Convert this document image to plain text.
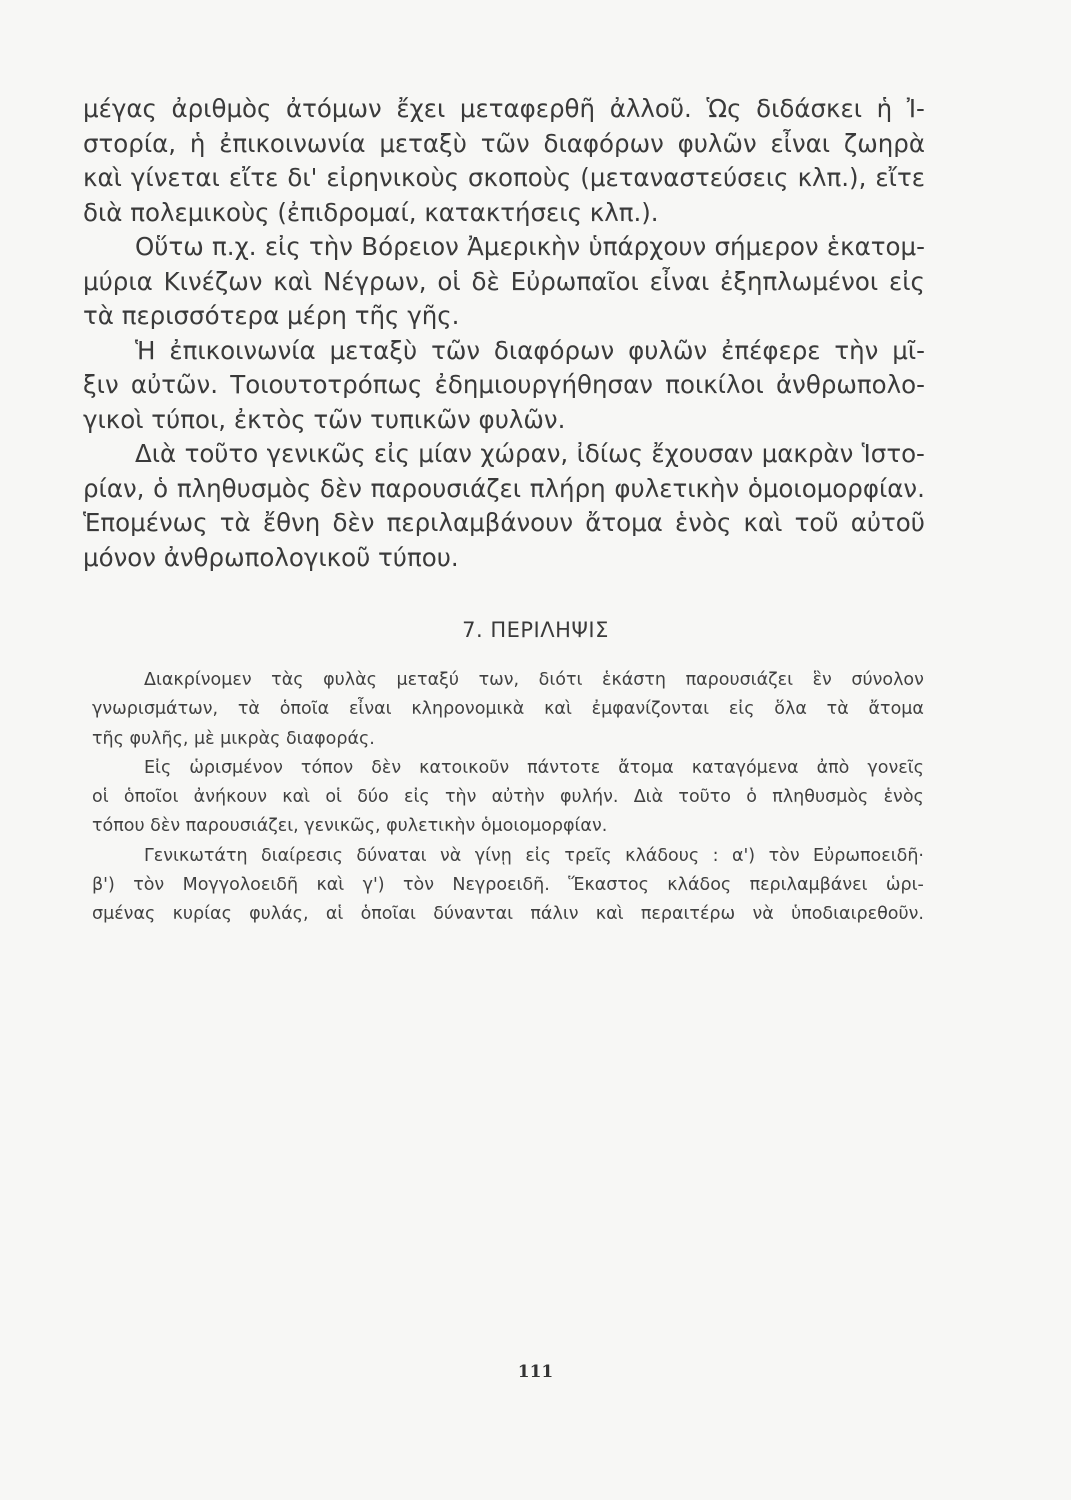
μέγας ἀριθμὸς ἀτόμων ἔχει μεταφερθῆ ἀλλοῦ. Ὡς διδάσκει ἡ Ἰ-
στορία, ἡ ἐπικοινωνία μεταξὺ τῶν διαφόρων φυλῶν εἶναι ζωηρὰ
καὶ γίνεται εἴτε δι' εἰρηνικοὺς σκοποὺς (μεταναστεύσεις κλπ.), εἴτε
διὰ πολεμικοὺς (ἐπιδρομαί, κατακτήσεις κλπ.).
Οὕτω π.χ. εἰς τὴν Βόρειον Ἀμερικὴν ὑπάρχουν σήμερον ἑκατομ-
μύρια Κινέζων καὶ Νέγρων, οἱ δὲ Εὐρωπαῖοι εἶναι ἐξηπλωμένοι εἰς
τὰ περισσότερα μέρη τῆς γῆς.
Ἡ ἐπικοινωνία μεταξὺ τῶν διαφόρων φυλῶν ἐπέφερε τὴν μῖ-
ξιν αὐτῶν. Τοιουτοτρόπως ἐδημιουργήθησαν ποικίλοι ἀνθρωπολο-
γικοὶ τύποι, ἐκτὸς τῶν τυπικῶν φυλῶν.
Διὰ τοῦτο γενικῶς εἰς μίαν χώραν, ἰδίως ἔχουσαν μακρὰν Ἱστο-
ρίαν, ὁ πληθυσμὸς δὲν παρουσιάζει πλήρη φυλετικὴν ὁμοιομορφίαν.
Ἑπομένως τὰ ἔθνη δὲν περιλαμβάνουν ἄτομα ἑνὸς καὶ τοῦ αὐτοῦ
μόνον ἀνθρωπολογικοῦ τύπου.
7. ΠΕΡΙΛΗΨΙΣ
Διακρίνομεν τὰς φυλὰς μεταξύ των, διότι ἑκάστη παρουσιάζει ἓν σύνολον
γνωρισμάτων, τὰ ὁποῖα εἶναι κληρονομικὰ καὶ ἐμφανίζονται εἰς ὅλα τὰ ἄτομα
τῆς φυλῆς, μὲ μικρὰς διαφοράς.
Εἰς ὡρισμένον τόπον δὲν κατοικοῦν πάντοτε ἄτομα καταγόμενα ἀπὸ γονεῖς
οἱ ὁποῖοι ἀνήκουν καὶ οἱ δύο εἰς τὴν αὐτὴν φυλήν. Διὰ τοῦτο ὁ πληθυσμὸς ἑνὸς
τόπου δὲν παρουσιάζει, γενικῶς, φυλετικὴν ὁμοιομορφίαν.
Γενικωτάτη διαίρεσις δύναται νὰ γίνῃ εἰς τρεῖς κλάδους : α') τὸν Εὐρωποειδῆ·
β') τὸν Μογγολοειδῆ καὶ γ') τὸν Νεγροειδῆ. Ἕκαστος κλάδος περιλαμβάνει ὡρι-
σμένας κυρίας φυλάς, αἱ ὁποῖαι δύνανται πάλιν καὶ περαιτέρω νὰ ὑποδιαιρεθοῦν.
111
